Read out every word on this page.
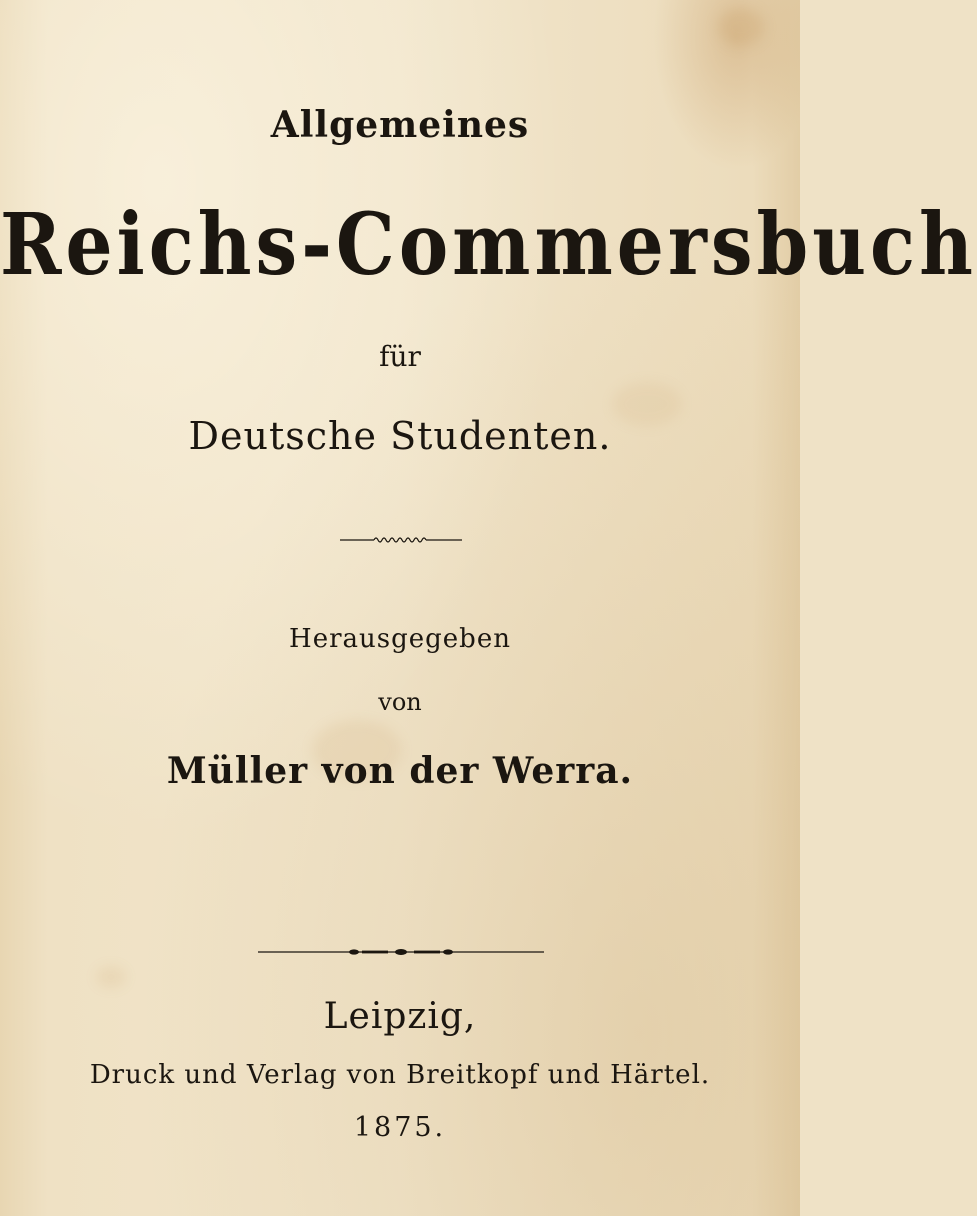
Allgemeines
Reichs-Commersbuch
für
Deutsche Studenten.
Herausgegeben
von
Müller von der Werra.
Leipzig,
Druck und Verlag von Breitkopf und Härtel.
1875.
